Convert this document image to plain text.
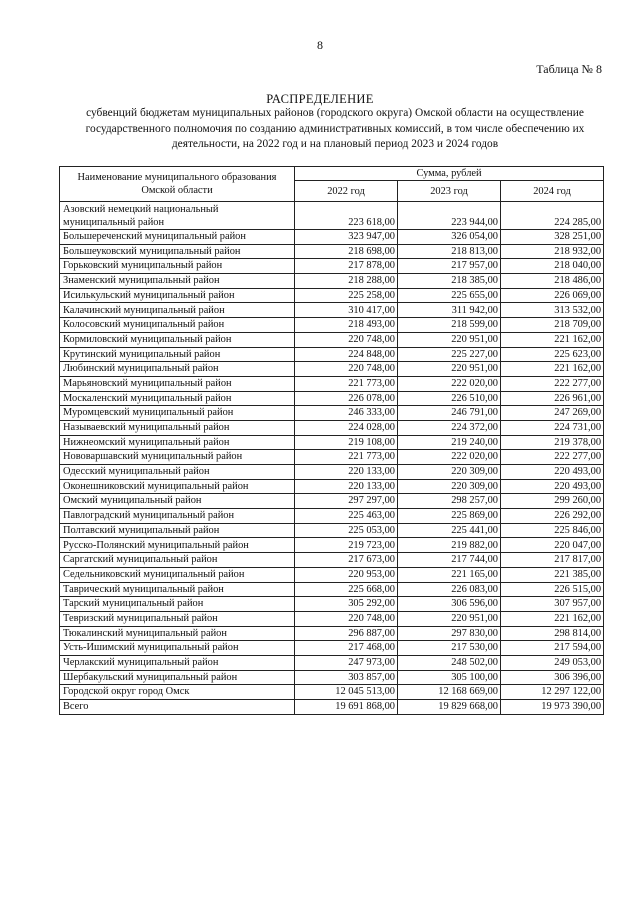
8
Таблица № 8
РАСПРЕДЕЛЕНИЕ
субвенций бюджетам муниципальных районов (городского округа) Омской области на осуществление государственного полномочия по созданию административных комиссий, в том числе обеспечению их деятельности, на 2022 год и на плановый период 2023 и 2024 годов
Наименование муниципального образования Омской области	Сумма, рублей		
	2022 год	2023 год	2024 год
Азовский немецкий национальный муниципальный район	223 618,00	223 944,00	224 285,00
Большереченский муниципальный район	323 947,00	326 054,00	328 251,00
Большеуковский муниципальный район	218 698,00	218 813,00	218 932,00
Горьковский муниципальный район	217 878,00	217 957,00	218 040,00
Знаменский муниципальный район	218 288,00	218 385,00	218 486,00
Исилькульский муниципальный район	225 258,00	225 655,00	226 069,00
Калачинский муниципальный район	310 417,00	311 942,00	313 532,00
Колосовский муниципальный район	218 493,00	218 599,00	218 709,00
Кормиловский муниципальный район	220 748,00	220 951,00	221 162,00
Крутинский муниципальный район	224 848,00	225 227,00	225 623,00
Любинский муниципальный район	220 748,00	220 951,00	221 162,00
Марьяновский муниципальный район	221 773,00	222 020,00	222 277,00
Москаленский муниципальный район	226 078,00	226 510,00	226 961,00
Муромцевский муниципальный район	246 333,00	246 791,00	247 269,00
Называевский муниципальный район	224 028,00	224 372,00	224 731,00
Нижнеомский муниципальный район	219 108,00	219 240,00	219 378,00
Нововаршавский муниципальный район	221 773,00	222 020,00	222 277,00
Одесский муниципальный район	220 133,00	220 309,00	220 493,00
Оконешниковский муниципальный район	220 133,00	220 309,00	220 493,00
Омский муниципальный район	297 297,00	298 257,00	299 260,00
Павлоградский муниципальный район	225 463,00	225 869,00	226 292,00
Полтавский муниципальный район	225 053,00	225 441,00	225 846,00
Русско-Полянский муниципальный район	219 723,00	219 882,00	220 047,00
Саргатский муниципальный район	217 673,00	217 744,00	217 817,00
Седельниковский муниципальный район	220 953,00	221 165,00	221 385,00
Таврический муниципальный район	225 668,00	226 083,00	226 515,00
Тарский муниципальный район	305 292,00	306 596,00	307 957,00
Тевризский муниципальный район	220 748,00	220 951,00	221 162,00
Тюкалинский муниципальный район	296 887,00	297 830,00	298 814,00
Усть-Ишимский муниципальный район	217 468,00	217 530,00	217 594,00
Черлакский муниципальный район	247 973,00	248 502,00	249 053,00
Шербакульский муниципальный район	303 857,00	305 100,00	306 396,00
Городской округ город Омск	12 045 513,00	12 168 669,00	12 297 122,00
Всего	19 691 868,00	19 829 668,00	19 973 390,00
